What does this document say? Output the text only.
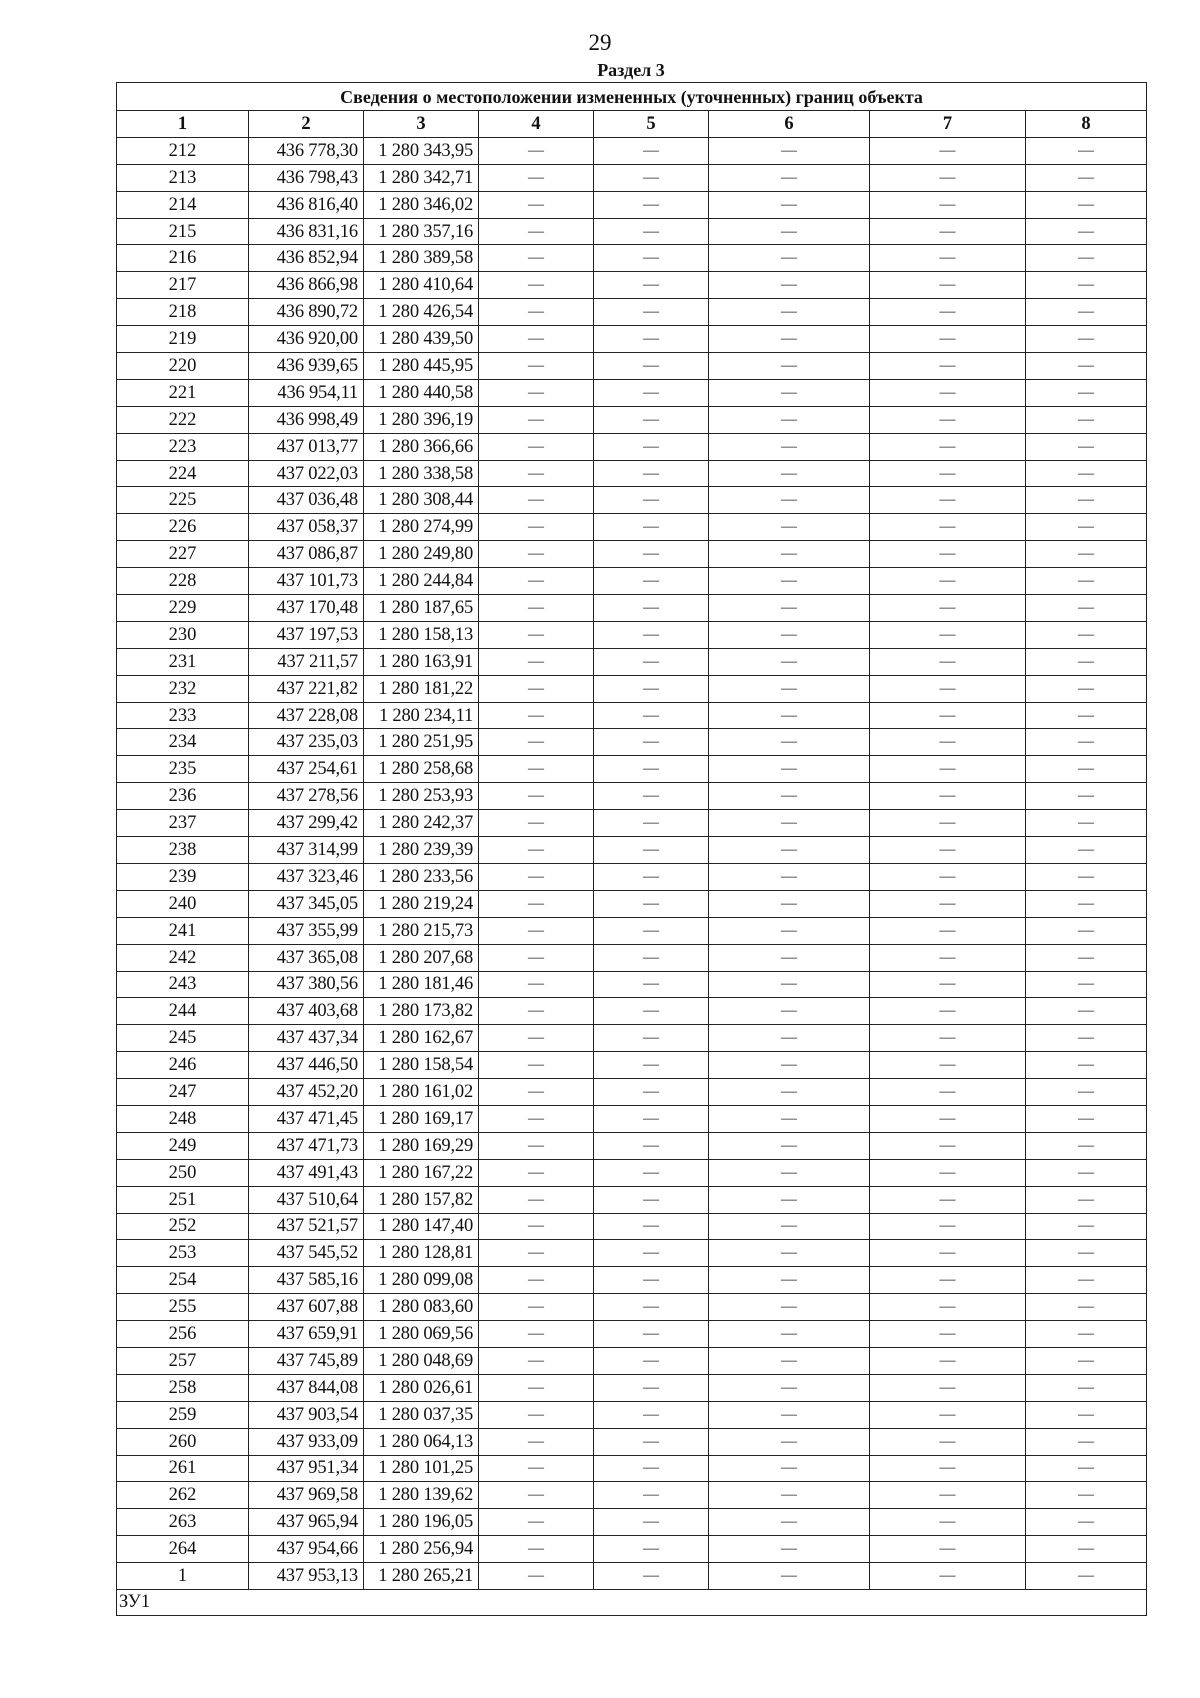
29
Раздел 3
Сведения о местоположении измененных (уточненных) границ объекта							
1	2	3	4	5	6	7	8
212	436 778,30	1 280 343,95	—	—	—	—	—
213	436 798,43	1 280 342,71	—	—	—	—	—
214	436 816,40	1 280 346,02	—	—	—	—	—
215	436 831,16	1 280 357,16	—	—	—	—	—
216	436 852,94	1 280 389,58	—	—	—	—	—
217	436 866,98	1 280 410,64	—	—	—	—	—
218	436 890,72	1 280 426,54	—	—	—	—	—
219	436 920,00	1 280 439,50	—	—	—	—	—
220	436 939,65	1 280 445,95	—	—	—	—	—
221	436 954,11	1 280 440,58	—	—	—	—	—
222	436 998,49	1 280 396,19	—	—	—	—	—
223	437 013,77	1 280 366,66	—	—	—	—	—
224	437 022,03	1 280 338,58	—	—	—	—	—
225	437 036,48	1 280 308,44	—	—	—	—	—
226	437 058,37	1 280 274,99	—	—	—	—	—
227	437 086,87	1 280 249,80	—	—	—	—	—
228	437 101,73	1 280 244,84	—	—	—	—	—
229	437 170,48	1 280 187,65	—	—	—	—	—
230	437 197,53	1 280 158,13	—	—	—	—	—
231	437 211,57	1 280 163,91	—	—	—	—	—
232	437 221,82	1 280 181,22	—	—	—	—	—
233	437 228,08	1 280 234,11	—	—	—	—	—
234	437 235,03	1 280 251,95	—	—	—	—	—
235	437 254,61	1 280 258,68	—	—	—	—	—
236	437 278,56	1 280 253,93	—	—	—	—	—
237	437 299,42	1 280 242,37	—	—	—	—	—
238	437 314,99	1 280 239,39	—	—	—	—	—
239	437 323,46	1 280 233,56	—	—	—	—	—
240	437 345,05	1 280 219,24	—	—	—	—	—
241	437 355,99	1 280 215,73	—	—	—	—	—
242	437 365,08	1 280 207,68	—	—	—	—	—
243	437 380,56	1 280 181,46	—	—	—	—	—
244	437 403,68	1 280 173,82	—	—	—	—	—
245	437 437,34	1 280 162,67	—	—	—	—	—
246	437 446,50	1 280 158,54	—	—	—	—	—
247	437 452,20	1 280 161,02	—	—	—	—	—
248	437 471,45	1 280 169,17	—	—	—	—	—
249	437 471,73	1 280 169,29	—	—	—	—	—
250	437 491,43	1 280 167,22	—	—	—	—	—
251	437 510,64	1 280 157,82	—	—	—	—	—
252	437 521,57	1 280 147,40	—	—	—	—	—
253	437 545,52	1 280 128,81	—	—	—	—	—
254	437 585,16	1 280 099,08	—	—	—	—	—
255	437 607,88	1 280 083,60	—	—	—	—	—
256	437 659,91	1 280 069,56	—	—	—	—	—
257	437 745,89	1 280 048,69	—	—	—	—	—
258	437 844,08	1 280 026,61	—	—	—	—	—
259	437 903,54	1 280 037,35	—	—	—	—	—
260	437 933,09	1 280 064,13	—	—	—	—	—
261	437 951,34	1 280 101,25	—	—	—	—	—
262	437 969,58	1 280 139,62	—	—	—	—	—
263	437 965,94	1 280 196,05	—	—	—	—	—
264	437 954,66	1 280 256,94	—	—	—	—	—
1	437 953,13	1 280 265,21	—	—	—	—	—
ЗУ1							
